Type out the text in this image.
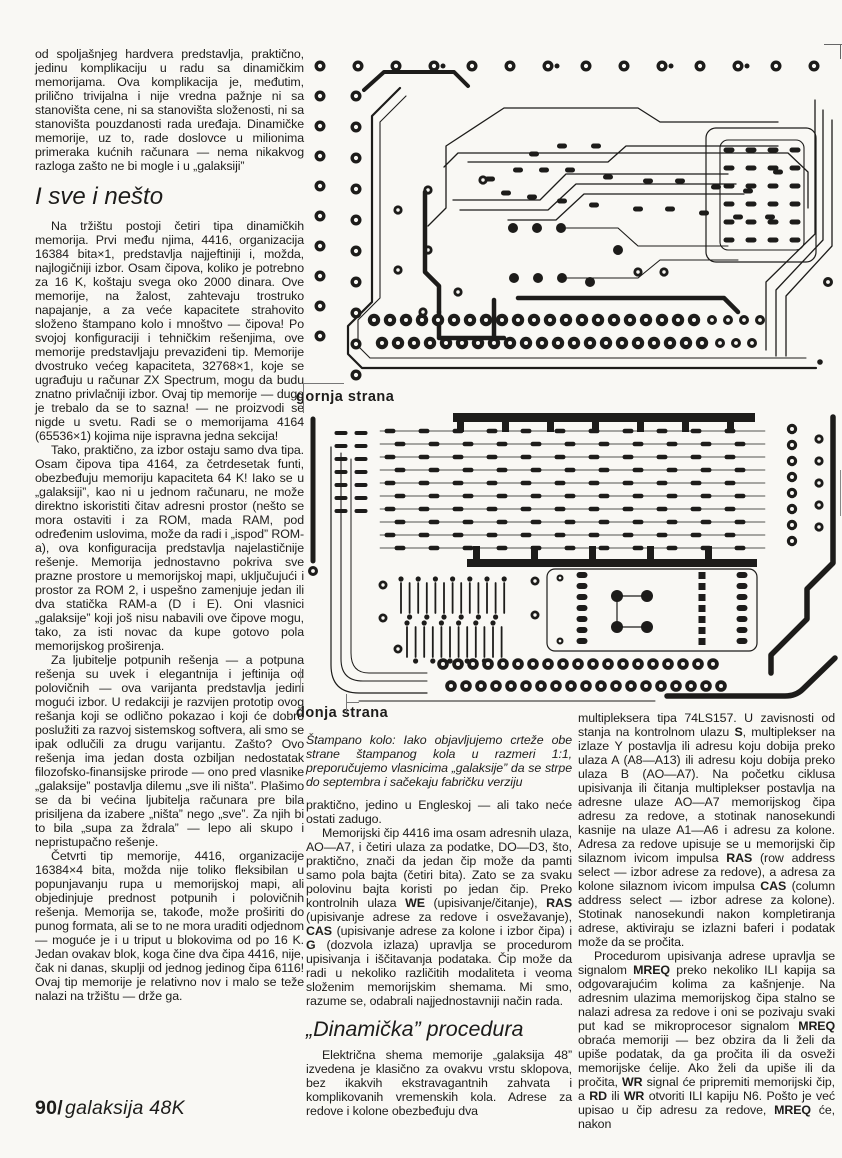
od spoljašnjeg hardvera predstavlja, praktično, jedinu komplikaciju u radu sa dinamičkim memorijama. Ova komplikacija je, međutim, prilično trivijalna i nije vredna pažnje ni sa stanovišta cene, ni sa stanovišta složenosti, ni sa stanovišta pouzdanosti rada uređaja. Dinamičke memorije, uz to, rade doslovce u milionima primeraka kućnih računara — nema nikakvog razloga zašto ne bi mogle i u „galaksiji”

I sve i nešto

Na tržištu postoji četiri tipa dinamičkih memorija. Prvi među njima, 4416, organizacija 16384 bita×1, predstavlja najjeftiniji i, možda, najlogičniji izbor. Osam čipova, koliko je potrebno za 16 K, koštaju svega oko 2000 dinara. Ove memorije, na žalost, zahtevaju trostruko napajanje, a za veće kapacitete strahovito složeno štampano kolo i mnoštvo — čipova! Po svojoj konfiguraciji i tehničkim rešenjima, ove memorije predstavljaju prevaziđeni tip. Memorije dvostruko većeg kapaciteta, 32768×1, koje se ugrađuju u računar ZX Spectrum, mogu da budu znatno privlačniji izbor. Ovaj tip memorije — dugo je trebalo da se to sazna! — ne proizvodi se nigde u svetu. Radi se o memorijama 4164 (65536×1) kojima nije ispravna jedna sekcija!

Tako, praktično, za izbor ostaju samo dva tipa. Osam čipova tipa 4164, za četrdesetak funti, obezbeđuju memoriju kapaciteta 64 K! Iako se u „galaksiji”, kao ni u jednom računaru, ne može direktno iskoristiti čitav adresni prostor (nešto se mora ostaviti i za ROM, mada RAM, pod određenim uslovima, može da radi i „ispod” ROM-a), ova konfiguracija predstavlja najelastičnije rešenje. Memorija jednostavno pokriva sve prazne prostore u memorijskoj mapi, uključujući i prostor za ROM 2, i uspešno zamenjuje jedan ili dva statička RAM-a (D i E). Oni vlasnici „galaksije” koji još nisu nabavili ove čipove mogu, tako, za isti novac da kupe gotovo pola memorijskog proširenja.

Za ljubitelje potpunih rešenja — a potpuna rešenja su uvek i elegantnija i jeftinija od polovičnih — ova varijanta predstavlja jedini mogući izbor. U redakciji je razvijen prototip ovog rešanja koji se odlično pokazao i koji će dobro poslužiti za razvoj sistemskog softvera, ali smo se ipak odlučili za drugu varijantu. Zašto? Ovo rešenja ima jedan dosta ozbiljan nedostatak filozofsko-finansijske prirode — ono pred vlasnike „galaksije” postavlja dilemu „sve ili ništa”. Plašimo se da bi većina ljubitelja računara pre bila prisiljena da izabere „ništa” nego „sve”. Za njih bi to bila „supa za ždrala” — lepo ali skupo i nepristupačno rešenje.

Četvrti tip memorije, 4416, organizacije 16384×4 bita, možda nije toliko fleksibilan u popunjavanju rupa u memorijskoj mapi, ali objedinjuje prednost potpunih i polovičnih rešenja. Memorija se, takođe, može proširiti do punog formata, ali se to ne mora uraditi odjednom — moguće je i u triput u blokovima od po 16 K. Jedan ovakav blok, koga čine dva čipa 4416, nije, čak ni danas, skuplji od jednog jedinog čipa 6116! Ovaj tip memorije je relativno nov i malo se teže nalazi na tržištu — drže ga.

gornja strana
donja strana
Štampano kolo: Iako objavljujemo crteže obe strane štampanog kola u razmeri 1:1, preporučujemo vlasnicima „galaksije” da se strpe do septembra i sačekaju fabričku verziju

praktično, jedino u Engleskoj — ali tako neće ostati zadugo.

Memorijski čip 4416 ima osam adresnih ulaza, AO—A7, i četiri ulaza za podatke, DO—D3, što, praktično, znači da jedan čip može da pamti samo pola bajta (četiri bita). Zato se za svaku polovinu bajta koristi po jedan čip. Preko kontrolnih ulaza WE (upisivanje/čitanje), RAS (upisivanje adrese za redove i osvežavanje), CAS (upisivanje adrese za kolone i izbor čipa) i G (dozvola izlaza) upravlja se procedurom upisivanja i iščitavanja podataka. Čip može da radi u nekoliko različitih modaliteta i veoma složenim memorijskim shemama. Mi smo, razume se, odabrali najjednostavniji način rada.

„Dinamička” procedura

Električna shema memorije „galaksija 48” izvedena je klasično za ovakvu vrstu sklopova, bez ikakvih ekstravagantnih zahvata i komplikovanih vremenskih kola. Adrese za redove i kolone obezbeđuju dva

multipleksera tipa 74LS157. U zavisnosti od stanja na kontrolnom ulazu S, multiplekser na izlaze Y postavlja ili adresu koju dobija preko ulaza A (A8—A13) ili adresu koju dobija preko ulaza B (AO—A7). Na početku ciklusa upisivanja ili čitanja multiplekser postavlja na adresne ulaze AO—A7 memorijskog čipa adresu za redove, a stotinak nanosekundi kasnije na ulaze A1—A6 i adresu za kolone. Adresa za redove upisuje se u memorijski čip silaznom ivicom impulsa RAS (row address select — izbor adrese za redove), a adresa za kolone silaznom ivicom impulsa CAS (column address select — izbor adrese za kolone). Stotinak nanosekundi nakon kompletiranja adrese, aktiviraju se izlazni baferi i podatak može da se pročita.

Procedurom upisivanja adrese upravlja se signalom MREQ preko nekoliko ILI kapija sa odgovarajućim kolima za kašnjenje. Na adresnim ulazima memorijskog čipa stalno se nalazi adresa za redove i oni se pozivaju svaki put kad se mikroprocesor signalom MREQ obraća memoriji — bez obzira da li želi da upiše podatak, da ga pročita ili da osveži memorijske ćelije. Ako želi da upiše ili da pročita, WR signal će pripremiti memorijski čip, a RD ili WR otvoriti ILI kapiju N6. Pošto je već upisao u čip adresu za redove, MREQ će, nakon

90/ galaksija 48K
